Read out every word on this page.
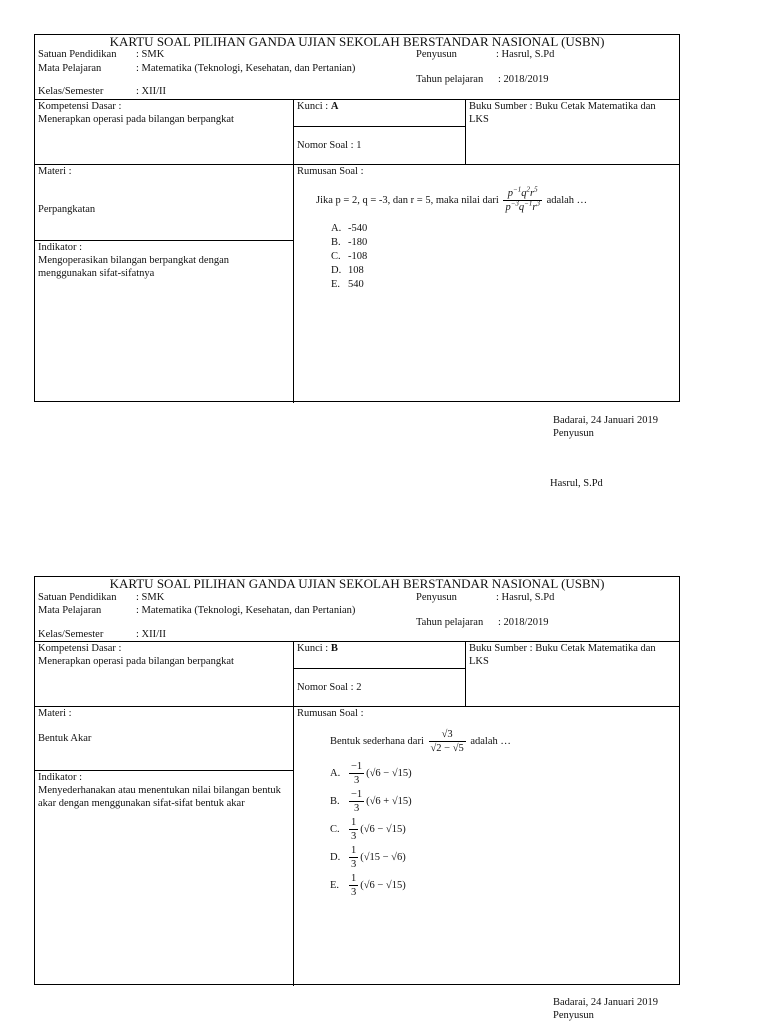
KARTU SOAL PILIHAN GANDA UJIAN SEKOLAH BERSTANDAR NASIONAL (USBN)
Satuan Pendidikan : SMK
Mata Pelajaran	: Matematika (Teknologi, Kesehatan, dan Pertanian)
Kelas/Semester	: XII/II
Penyusun	: Hasrul, S.Pd
Tahun pelajaran : 2018/2019
Kompetensi Dasar :
Menerapkan operasi pada bilangan berpangkat
Kunci : A
Nomor Soal : 1
Buku Sumber : Buku Cetak Matematika dan LKS
Materi :
Perpangkatan
Indikator :
Mengoperasikan bilangan berpangkat dengan menggunakan sifat-sifatnya
Rumusan Soal :
Jika p = 2, q = -3, dan r = 5, maka nilai dari $\frac{p^{-1}q^2r^5}{p^{-3}q^{-1}r^3}$ adalah …
A. -540
B. -180
C. -108
D. 108
E. 540
Badarai, 24 Januari 2019
Penyusun
Hasrul, S.Pd
KARTU SOAL PILIHAN GANDA UJIAN SEKOLAH BERSTANDAR NASIONAL (USBN)
Satuan Pendidikan : SMK
Mata Pelajaran	: Matematika (Teknologi, Kesehatan, dan Pertanian)
Kelas/Semester	: XII/II
Penyusun	: Hasrul, S.Pd
Tahun pelajaran : 2018/2019
Kompetensi Dasar :
Menerapkan operasi pada bilangan berpangkat
Kunci : B
Nomor Soal : 2
Buku Sumber : Buku Cetak Matematika dan LKS
Materi :
Bentuk Akar
Indikator :
Menyederhanakan atau menentukan nilai bilangan bentuk akar dengan menggunakan sifat-sifat bentuk akar
Rumusan Soal :
Bentuk sederhana dari $\frac{√3}{√2 - √5}$ adalah …
A. $\frac{-1}{3} (√6 - √15)$
B. $\frac{-1}{3} (√6 + √15)$
C. $\frac{1}{3} (√6 - √15)$
D. $\frac{1}{3} (√15 - √6)$
E. $\frac{1}{3} (√6 - √15)$
Badarai, 24 Januari 2019
Penyusun
